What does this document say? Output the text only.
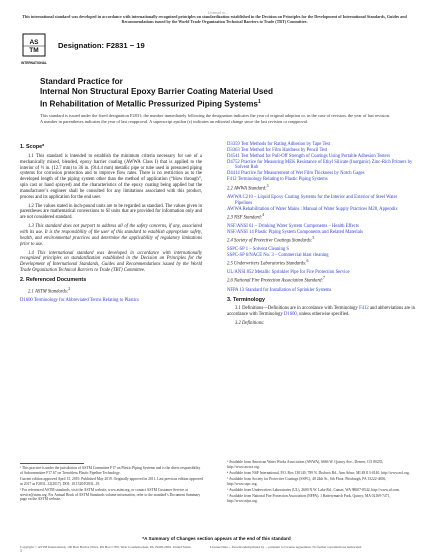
Licensed to: ...
This international standard was developed in accordance with internationally recognized principles on standardization established in the Decision on Principles for the Development of International Standards, Guides and Recommendations issued by the World Trade Organization Technical Barriers to Trade (TBT) Committee.
AS
TM
INTERNATIONAL
Designation: F2831 − 19
Standard Practice for
Internal Non Structural Epoxy Barrier Coating Material Used
In Rehabilitation of Metallic Pressurized Piping Systems$^1$
This standard is issued under the fixed designation F2831; the number immediately following the designation indicates the year of original adoption or, in the case of revision, the year of last revision. A number in parentheses indicates the year of last reapproval. A superscript epsilon (ε) indicates an editorial change since the last revision or reapproval.
1. Scope*

1.1 This standard is intended to establish the minimum criteria necessary for use of a mechanically mixed, blended, epoxy barrier coating (AWWA Class I) that is applied to the interior of ½ in. (12.7 mm) to 36 in. (914.4 mm) metallic pipe or tube used in pressured piping systems for corrosion protection and to improve flow rates. There is no restriction as to the developed length of the piping system other than the method of application (“blow through”, spin cast or hand sprayed) and the characteristics of the epoxy coating being applied but the manufacturer’s engineer shall be consulted for any limitations associated with this product, process and its application for the end user.

1.2 The values stated in inch-pound units are to be regarded as standard. The values given in parentheses are mathematical conversions to SI units that are provided for information only and are not considered standard.

1.3 This standard does not purport to address all of the safety concerns, if any, associated with its use. It is the responsibility of the user of this standard to establish appropriate safety, health, and environmental practices and determine the applicability of regulatory limitations prior to use.

1.4 This international standard was developed in accordance with internationally recognized principles on standardization established in the Decision on Principles for the Development of International Standards, Guides and Recommendations issued by the World Trade Organization Technical Barriers to Trade (TBT) Committee.

2. Referenced Documents

2.1 ASTM Standards:$^2$

D1600 Terminology for Abbreviated Terms Relating to Plastics
D3359 Test Methods for Rating Adhesion by Tape Test
D3363 Test Method for Film Hardness by Pencil Test
D4541 Test Method for Pull-Off Strength of Coatings Using Portable Adhesion Testers
D4752 Practice for Measuring MEK Resistance of Ethyl Silicate (Inorganic) Zinc-Rich Primers by Solvent Rub
D4414 Practice for Measurement of Wet Film Thickness by Notch Gages
F412 Terminology Relating to Plastic Piping Systems

2.2 AWWA Standard:$^3$

AWWA C210 – Liquid Epoxy Coating Systems for the Interior and Exterior of Steel Water Pipelines
AWWA Rehabilitation of Water Mains : Manual of Water Supply Practices M28, Appendix

2.3 NSF Standard:$^4$

NSF/ANSI 61 – Drinking Water System Components – Health Effects
NSF/ANSI 14 Plastic Piping System Components and Related Materials

2.4 Society of Protective Coatings Standards:$^5$

SSPC-SP 1 – Solvent Cleaning S
SSPC-SP 6/NACE No. 3 – Commercial blast cleaning

2.5 Underwriters Laboratories Standards:$^6$

UL/ANSI 852 Metallic Sprinkler Pipe for Fire Protection Service

2.6 National Fire Protection Association Standard:$^7$

NFPA 13 Standard for Installation of Sprinkler Systems
3. Terminology

3.1 Definitions—Definitions are in accordance with Terminology F412 and abbreviations are in accordance with Terminology D1600, unless otherwise specified.

3.2 Definitions:

¹ This practice is under the jurisdiction of ASTM Committee F17 on Plastic Piping Systems and is the direct responsibility of Subcommittee F17.67 on Trenchless Plastic Pipeline Technology.
Current edition approved April 15, 2019. Published May 2019. Originally approved in 2011. Last previous edition approved in 2017 as F2831–12(2017). DOI: 10.1520/F2831–19.
² For referenced ASTM standards, visit the ASTM website, www.astm.org, or contact ASTM Customer Service at service@astm.org. For Annual Book of ASTM Standards volume information, refer to the standard’s Document Summary page on the ASTM website.
³ Available from American Water Works Association (AWWA), 6666 W. Quincy Ave., Denver, CO 80235, http://www.awwa.org.
⁴ Available from NSF International, P.O. Box 130140, 789 N. Dixboro Rd., Ann Arbor, MI 48113-0140, http://www.nsf.org.
⁵ Available from Society for Protective Coatings (SSPC), 40 24th St., 6th Floor, Pittsburgh, PA 15222-4656, http://www.sspc.org.
⁶ Available from Underwriters Laboratories (UL), 2600 N.W. Lake Rd., Camas, WA 98607-8542, http://www.ul.com.
⁷ Available from National Fire Protection Association (NFPA), 1 Batterymarch Park, Quincy, MA 02169-7471, http://www.nfpa.org.
*A Summary of Changes section appears at the end of this standard
Copyright © ASTM International, 100 Barr Harbor Drive, PO Box C700, West Conshohocken, PA 19428-2959. United States	License Data ... Downloaded/printed by ... pursuant to License Agreement. No further reproductions authorized.
1
